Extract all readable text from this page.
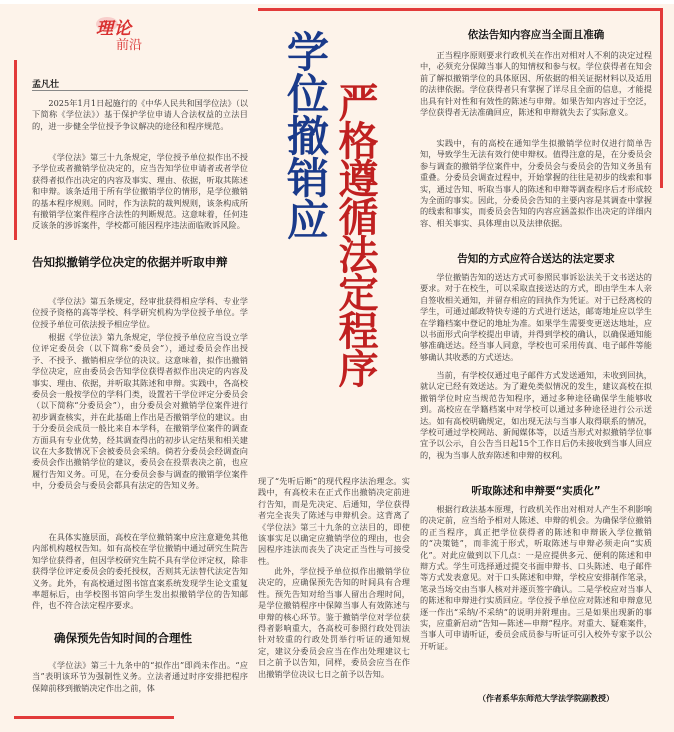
理论
前沿
孟凡壮	学位撤销应 严格遵循法定程序

2025年1月1日起施行的《中华人民共和国学位法》（以下简称《学位法》）基于保护学位申请人合法权益的立法目的，进一步健全学位授予争议解决的途径和程序规范。

《学位法》第三十九条规定，学位授予单位拟作出不授予学位或者撤销学位决定的，应当告知学位申请者或者学位获得者拟作出决定的内容及事实、理由、依据，听取其陈述和申辩。该条适用于所有学位撤销学位的情形，是学位撤销的基本程序规则。同时，作为法院的裁判规则，该条构成所有撤销学位案件程序合法性的判断规范。这意味着，任何违反该条的涉诉案件，学校都可能因程序违法面临败诉风险。

告知拟撤销学位决定的依据并听取申辩

《学位法》第五条规定，经审批获得相应学科、专业学位授予资格的高等学校、科学研究机构为学位授予单位。学位授予单位可依法授予相应学位。

根据《学位法》第九条规定，学位授予单位应当设立学位评定委员会（以下简称“委员会”），通过委员会作出授予、不授予、撤销相应学位的决议。这意味着，拟作出撤销学位决定，应由委员会告知学位获得者拟作出决定的内容及事实、理由、依据，并听取其陈述和申辩。实践中，各高校委员会一般按学位的学科门类，设置若干学位评定分委员会（以下简称“分委员会”），由分委员会对撤销学位案件进行初步调查核实，并在此基础上作出是否撤销学位的建议。由于分委员会成员一般比来自本学科，在撤销学位案件的调查方面具有专业优势，经其调查得出的初步认定结果和相关建议在大多数情况下会被委员会采纳。倘若分委员会经调查向委员会作出撤销学位的建议，委员会在投票表决之前，也应履行告知义务。可见，在分委员会参与调查的撤销学位案件中，分委员会与委员会都具有法定的告知义务。

在具体实施层面，高校在学位撤销案中应注意避免其他内部机构越权告知。如有高校在学位撤销中通过研究生院告知学位获得者，但因学校研究生院不具有学位评定权，除非获得学位评定委员会的委托授权，否则其无法替代法定告知义务。此外，有高校通过图书馆直案系统发现学生论文重复率超标后，由学校图书馆向学生发出拟撤销学位的告知邮件，也不符合法定程序要求。

确保预先告知时间的合理性

《学位法》第三十九条中的“拟作出”即尚未作出。“应当”表明该环节为强制性义务。立法者通过时序安排把程序保障前移到撤销决定作出之前，体

现了“先听后断”的现代程序法治理念。实践中，有高校未在正式作出撤销决定前进行告知，而是先决定、后通知，学位获得者完全丧失了陈述与申辩机会。这背离了《学位法》第三十九条的立法目的，即使该事实足以确定应撤销学位的理由，也会因程序违法而丧失了决定正当性与可接受性。

此外，学位授予单位拟作出撤销学位决定的，应确保预先告知的时间具有合理性。预先告知对给当事人留出合理时间，是学位撤销程序中保障当事人有效陈述与申辩的核心环节。鉴于撤销学位对学位获得者影响重大，各高校可参照行政处罚法针对较重的行政处罚举行听证的通知规定，建议分委员会应当在作出处理建议七日之前予以告知，同样，委员会应当在作出撤销学位决议七日之前予以告知。

依法告知内容应当全面且准确

正当程序原则要求行政机关在作出对相对人不利的决定过程中，必须充分保障当事人的知情权和参与权。学位获得者在知会前了解拟撤销学位的具体原因、所依据的相关证据材料以及适用的法律依据。学位获得者只有掌握了详尽且全面的信息，才能提出具有针对性和有效性的陈述与申辩。如果告知内容过于空泛，学位获得者无法准确回应，陈述和申辩就失去了实际意义。

实践中，有的高校在通知学生拟撤销学位时仅进行简单告知，导致学生无法有效行使申辩权。值得注意的是，在分委员会参与调查的撤销学位案件中，分委员会与委员会的告知义务虽有重叠。分委员会调查过程中，开始掌握的往往是初步的线索和事实，通过告知、听取当事人的陈述和申辩等调查程序后才形成较为全面的事实。因此，分委员会告知的主要内容是其调查中掌握的线索和事实，而委员会告知的内容应涵盖拟作出决定的详细内容、相关事实、具体理由以及法律依据。

告知的方式应符合送达的法定要求

学位撤销告知的送达方式可参照民事诉讼法关于文书送达的要求。对于在校生，可以采取直接送达的方式，即由学生本人亲自签收相关通知，并留存相应的回执作为凭证。对于已经离校的学生，可通过邮政特快专递的方式进行送达，邮寄地址应以学生在学籍档案中登记的地址为准。如果学生需要变更送达地址，应以书面形式向学校提出申请，并得到学校的确认，以确保通知能够准确送达。经当事人同意，学校也可采用传真、电子邮件等能够确认其收悉的方式送达。

当前，有学校仅通过电子邮件方式发送通知，未收到回执，就认定已经有效送达。为了避免类似情况的发生，建议高校在拟撤销学位时应当规范告知程序，通过多种途径确保学生能够收到。高校应在学籍档案中对学校可以通过多种途径进行公示送达。如有高校明确规定，如出现无法与当事人取得联系的情况，学校可通过学校网站、新闻媒体等，以适当形式对拟撤销学位事宜予以公示，自公告当日起15个工作日后仍未接收到当事人回应的，视为当事人放弃陈述和申辩的权利。

听取陈述和申辩要“实质化”

根据行政法基本原理，行政机关作出对相对人产生不利影响的决定前，应当给予相对人陈述、申辩的机会。为确保学位撤销的正当程序，真正把学位获得者的陈述和申辩嵌入学位撤销的“决策链”，而非流于形式，听取陈述与申辩必须走向“实质化”。对此应做到以下几点：一是应提供多元、便利的陈述和申辩方式。学生可选择通过提交书面申辩书、口头陈述、电子邮件等方式发表意见。对于口头陈述和申辩，学校应安排制作笔录，笔录当场交由当事人核对并逐页签字确认。二是学校应对当事人的陈述和申辩进行实质回应。学位授予单位应对陈述和申辩意见逐一作出“采纳/不采纳”的说明并附理由。三是如果出现新的事实，应重新启动“告知—陈述—申辩”程序。对重大、疑难案件，当事人可申请听证，委员会成员参与听证可引入校外专家予以公开听证。

（作者系华东师范大学法学院副教授）
